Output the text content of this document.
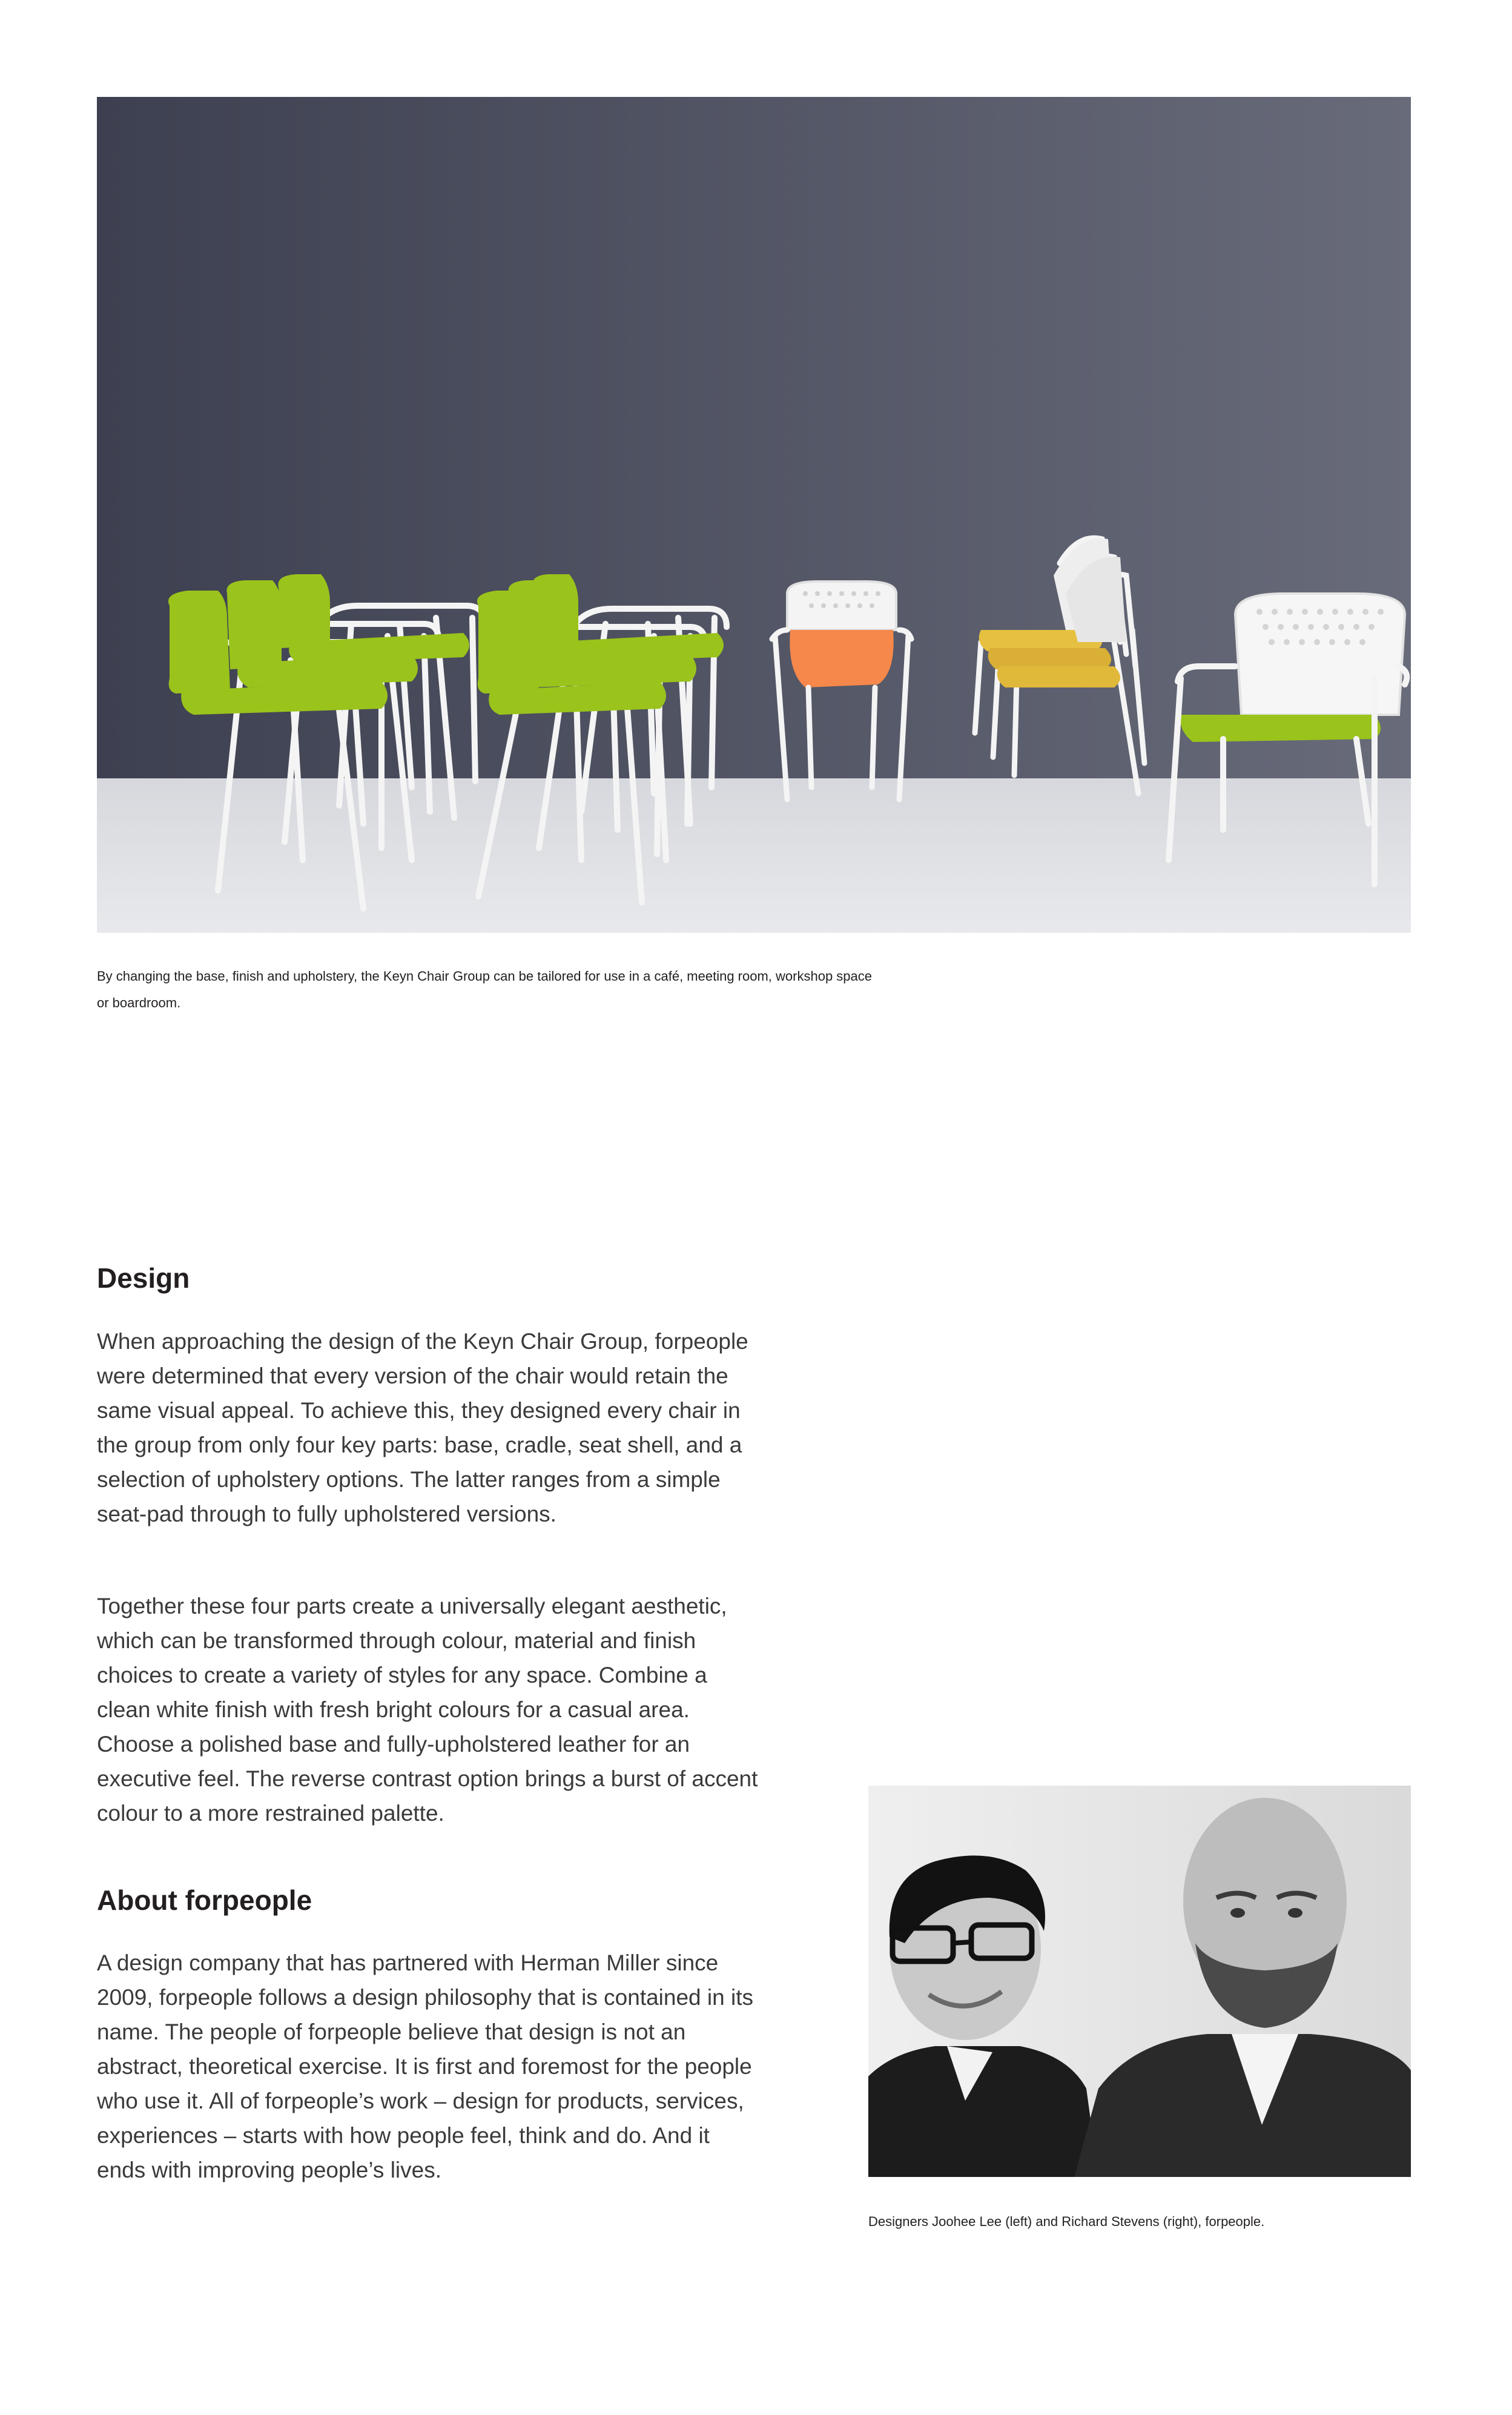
By changing the base, finish and upholstery, the Keyn Chair Group can be tailored for use in a café, meeting room, workshop space or boardroom.
Design

When approaching the design of the Keyn Chair Group, forpeople were determined that every version of the chair would retain the same visual appeal. To achieve this, they designed every chair in the group from only four key parts: base, cradle, seat shell, and a selection of upholstery options. The latter ranges from a simple seat-pad through to fully upholstered versions.

Together these four parts create a universally elegant aesthetic, which can be transformed through colour, material and finish choices to create a variety of styles for any space. Combine a clean white finish with fresh bright colours for a casual area. Choose a polished base and fully-upholstered leather for an executive feel. The reverse contrast option brings a burst of accent colour to a more restrained palette.

About forpeople

A design company that has partnered with Herman Miller since 2009, forpeople follows a design philosophy that is contained in its name. The people of forpeople believe that design is not an abstract, theoretical exercise. It is first and foremost for the people who use it. All of forpeople’s work – design for products, services, experiences – starts with how people feel, think and do. And it ends with improving people’s lives.

Designers Joohee Lee (left) and Richard Stevens (right), forpeople.
